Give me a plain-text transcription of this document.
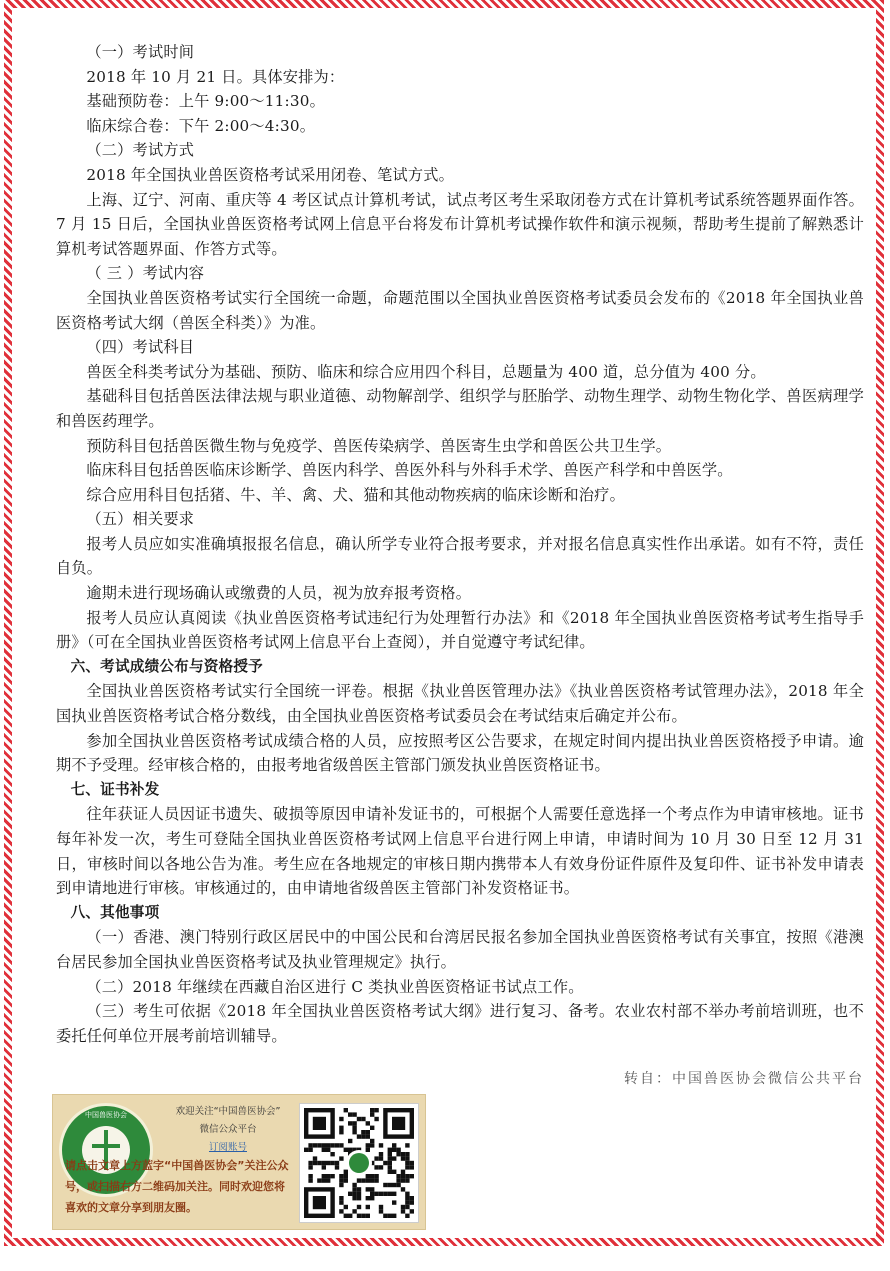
（一）考试时间

2018 年 10 月 21 日。具体安排为：

基础预防卷：上午 9:00～11:30。

临床综合卷：下午 2:00～4:30。

（二）考试方式

2018 年全国执业兽医资格考试采用闭卷、笔试方式。

上海、辽宁、河南、重庆等 4 考区试点计算机考试，试点考区考生采取闭卷方式在计算机考试系统答题界面作答。7 月 15 日后，全国执业兽医资格考试网上信息平台将发布计算机考试操作软件和演示视频，帮助考生提前了解熟悉计算机考试答题界面、作答方式等。

（ 三 ）考试内容

全国执业兽医资格考试实行全国统一命题，命题范围以全国执业兽医资格考试委员会发布的《2018 年全国执业兽医资格考试大纲（兽医全科类）》为准。

（四）考试科目

兽医全科类考试分为基础、预防、临床和综合应用四个科目，总题量为 400 道，总分值为 400 分。

基础科目包括兽医法律法规与职业道德、动物解剖学、组织学与胚胎学、动物生理学、动物生物化学、兽医病理学和兽医药理学。

预防科目包括兽医微生物与免疫学、兽医传染病学、兽医寄生虫学和兽医公共卫生学。

临床科目包括兽医临床诊断学、兽医内科学、兽医外科与外科手术学、兽医产科学和中兽医学。

综合应用科目包括猪、牛、羊、禽、犬、猫和其他动物疾病的临床诊断和治疗。

（五）相关要求

报考人员应如实准确填报报名信息，确认所学专业符合报考要求，并对报名信息真实性作出承诺。如有不符，责任自负。

逾期未进行现场确认或缴费的人员，视为放弃报考资格。

报考人员应认真阅读《执业兽医资格考试违纪行为处理暂行办法》和《2018 年全国执业兽医资格考试考生指导手册》（可在全国执业兽医资格考试网上信息平台上查阅），并自觉遵守考试纪律。

六、考试成绩公布与资格授予

全国执业兽医资格考试实行全国统一评卷。根据《执业兽医管理办法》《执业兽医资格考试管理办法》，2018 年全国执业兽医资格考试合格分数线，由全国执业兽医资格考试委员会在考试结束后确定并公布。

参加全国执业兽医资格考试成绩合格的人员，应按照考区公告要求，在规定时间内提出执业兽医资格授予申请。逾期不予受理。经审核合格的，由报考地省级兽医主管部门颁发执业兽医资格证书。

七、证书补发

往年获证人员因证书遗失、破损等原因申请补发证书的，可根据个人需要任意选择一个考点作为申请审核地。证书每年补发一次，考生可登陆全国执业兽医资格考试网上信息平台进行网上申请，申请时间为 10 月 30 日至 12 月 31 日，审核时间以各地公告为准。考生应在各地规定的审核日期内携带本人有效身份证件原件及复印件、证书补发申请表到申请地进行审核。审核通过的，由申请地省级兽医主管部门补发资格证书。

八、其他事项

（一）香港、澳门特别行政区居民中的中国公民和台湾居民报名参加全国执业兽医资格考试有关事宜，按照《港澳台居民参加全国执业兽医资格考试及执业管理规定》执行。

（二）2018 年继续在西藏自治区进行 C 类执业兽医资格证书试点工作。

（三）考生可依据《2018 年全国执业兽医资格考试大纲》进行复习、备考。农业农村部不举办考前培训班，也不委托任何单位开展考前培训辅导。

转自：中国兽医协会微信公共平台
中国兽医协会	欢迎关注“中国兽医协会”
微信公众平台
订阅账号
请点击文章上方蓝字“中国兽医协会”关注公众号，或扫描右方二维码加关注。同时欢迎您将喜欢的文章分享到朋友圈。
